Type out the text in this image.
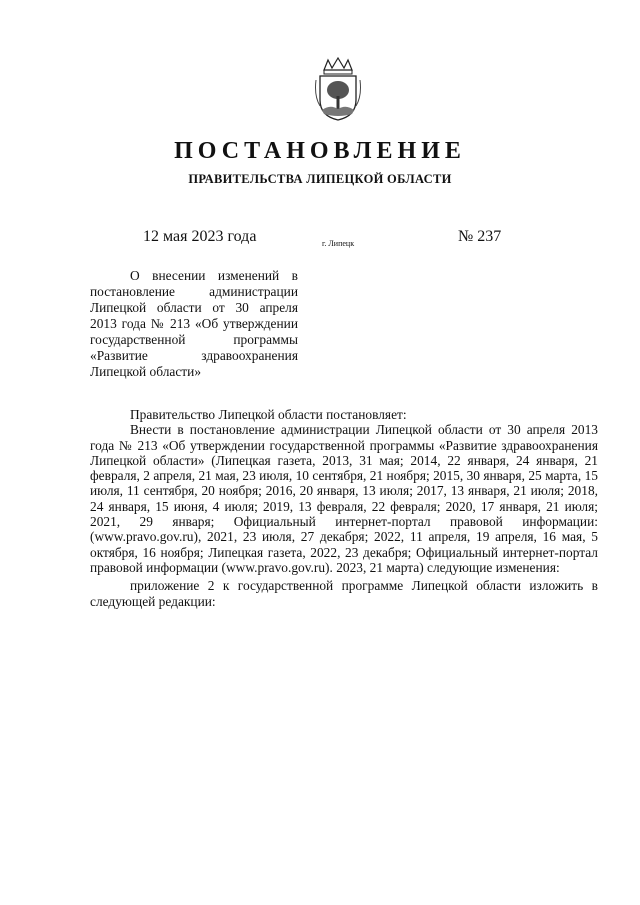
ПОСТАНОВЛЕНИЕ
ПРАВИТЕЛЬСТВА ЛИПЕЦКОЙ ОБЛАСТИ
12 мая 2023 года	г. Липецк	№ 237

О внесении изменений в постановление администрации Липецкой области от 30 апреля 2013 года № 213 «Об утверждении государственной программы «Развитие здравоохранения Липецкой области»

Правительство Липецкой области постановляет:

Внести в постановление администрации Липецкой области от 30 апреля 2013 года № 213 «Об утверждении государственной программы «Развитие здравоохранения Липецкой области» (Липецкая газета, 2013, 31 мая; 2014, 22 января, 24 января, 21 февраля, 2 апреля, 21 мая, 23 июля, 10 сентября, 21 ноября; 2015, 30 января, 25 марта, 15 июля, 11 сентября, 20 ноября; 2016, 20 января, 13 июля; 2017, 13 января, 21 июля; 2018, 24 января, 15 июня, 4 июля; 2019, 13 февраля, 22 февраля; 2020, 17 января, 21 июля; 2021, 29 января; Официальный интернет-портал правовой информации: (www.pravo.gov.ru), 2021, 23 июля, 27 декабря; 2022, 11 апреля, 19 апреля, 16 мая, 5 октября, 16 ноября; Липецкая газета, 2022, 23 декабря; Официальный интернет-портал правовой информации (www.pravo.gov.ru). 2023, 21 марта) следующие изменения:

приложение 2 к государственной программе Липецкой области изложить в следующей редакции:
